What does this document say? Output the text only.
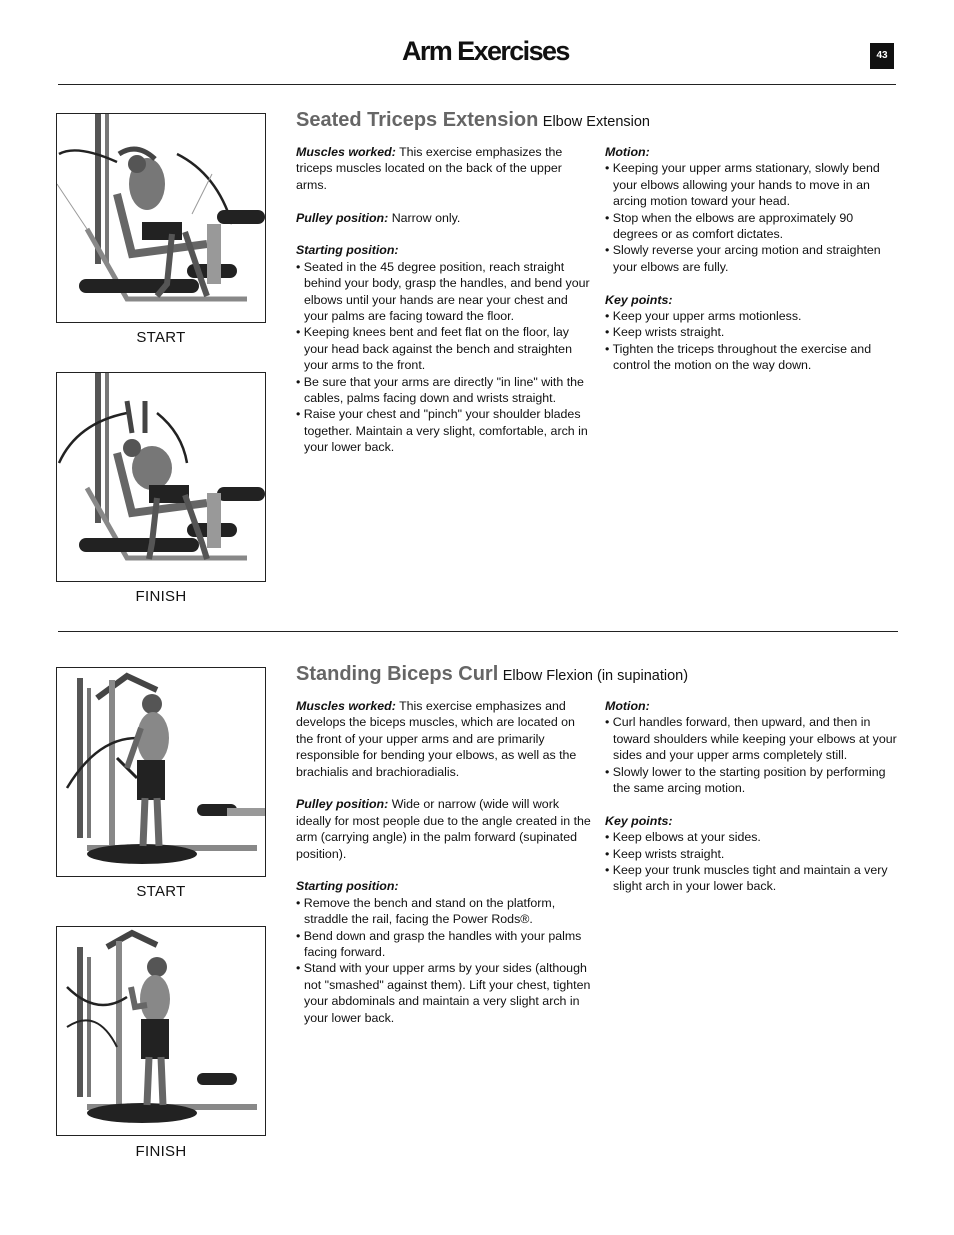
Arm Exercises	43
START
FINISH
Seated Triceps Extension Elbow Extension

Muscles worked: This exercise emphasizes the triceps muscles located on the back of the upper arms.

Pulley position: Narrow only.

Starting position:

• Seated in the 45 degree position, reach straight behind your body, grasp the handles, and bend your elbows until your hands are near your chest and your palms are facing toward the floor.
• Keeping knees bent and feet flat on the floor, lay your head back against the bench and straighten your arms to the front.
• Be sure that your arms are directly "in line" with the cables, palms facing down and wrists straight.
• Raise your chest and "pinch" your shoulder blades together. Maintain a very slight, comfortable, arch in your lower back.

Motion:

• Keeping your upper arms stationary, slowly bend your elbows allowing your hands to move in an arcing motion toward your head.
• Stop when the elbows are approximately 90 degrees or as comfort dictates.
• Slowly reverse your arcing motion and straighten your elbows are fully.

Key points:

• Keep your upper arms motionless.
• Keep wrists straight.
• Tighten the triceps throughout the exercise and control the motion on the way down.
START
FINISH
Standing Biceps Curl Elbow Flexion (in supination)

Muscles worked: This exercise emphasizes and develops the biceps muscles, which are located on the front of your upper arms and are primarily responsible for bending your elbows, as well as the brachialis and brachioradialis.

Pulley position: Wide or narrow (wide will work ideally for most people due to the angle created in the arm (carrying angle) in the palm forward (supinated position).

Starting position:

• Remove the bench and stand on the platform, straddle the rail, facing the Power Rods®.
• Bend down and grasp the handles with your palms facing forward.
• Stand with your upper arms by your sides (although not "smashed" against them). Lift your chest, tighten your abdominals and maintain a very slight arch in your lower back.

Motion:

• Curl handles forward, then upward, and then in toward shoulders while keeping your elbows at your sides and your upper arms completely still.
• Slowly lower to the starting position by performing the same arcing motion.

Key points:

• Keep elbows at your sides.
• Keep wrists straight.
• Keep your trunk muscles tight and maintain a very slight arch in your lower back.
